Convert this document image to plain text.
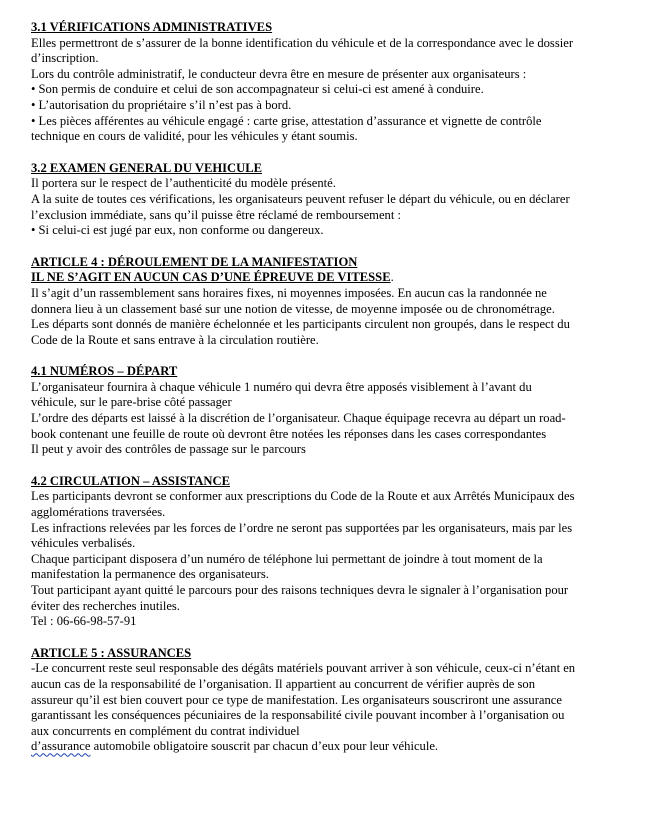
3.1 VÉRIFICATIONS ADMINISTRATIVES
Elles permettront de s’assurer de la bonne identification du véhicule et de la correspondance avec le dossier
d’inscription.
Lors du contrôle administratif, le conducteur devra être en mesure de présenter aux organisateurs :
• Son permis de conduire et celui de son accompagnateur si celui-ci est amené à conduire.
• L’autorisation du propriétaire s’il n’est pas à bord.
• Les pièces afférentes au véhicule engagé : carte grise, attestation d’assurance et vignette de contrôle
technique en cours de validité, pour les véhicules y étant soumis.
3.2 EXAMEN GENERAL DU VEHICULE
Il portera sur le respect de l’authenticité du modèle présenté.
A la suite de toutes ces vérifications, les organisateurs peuvent refuser le départ du véhicule, ou en déclarer
l’exclusion immédiate, sans qu’il puisse être réclamé de remboursement :
• Si celui-ci est jugé par eux, non conforme ou dangereux.
ARTICLE 4 : DÉROULEMENT DE LA MANIFESTATION
IL NE S’AGIT EN AUCUN CAS D’UNE ÉPREUVE DE VITESSE.
Il s’agit d’un rassemblement sans horaires fixes, ni moyennes imposées. En aucun cas la randonnée ne
donnera lieu à un classement basé sur une notion de vitesse, de moyenne imposée ou de chronométrage.
Les départs sont donnés de manière échelonnée et les participants circulent non groupés, dans le respect du
Code de la Route et sans entrave à la circulation routière.
4.1 NUMÉROS – DÉPART
L’organisateur fournira à chaque véhicule 1 numéro qui devra être apposés visiblement à l’avant du
véhicule, sur le pare-brise côté passager
L’ordre des départs est laissé à la discrétion de l’organisateur. Chaque équipage recevra au départ un road-
book contenant une feuille de route où devront être notées les réponses dans les cases correspondantes
Il peut y avoir des contrôles de passage sur le parcours
4.2 CIRCULATION – ASSISTANCE
Les participants devront se conformer aux prescriptions du Code de la Route et aux Arrêtés Municipaux des
agglomérations traversées.
Les infractions relevées par les forces de l’ordre ne seront pas supportées par les organisateurs, mais par les
véhicules verbalisés.
Chaque participant disposera d’un numéro de téléphone lui permettant de joindre à tout moment de la
manifestation la permanence des organisateurs.
Tout participant ayant quitté le parcours pour des raisons techniques devra le signaler à l’organisation pour
éviter des recherches inutiles.
Tel : 06-66-98-57-91
ARTICLE 5 : ASSURANCES
-Le concurrent reste seul responsable des dégâts matériels pouvant arriver à son véhicule, ceux-ci n’étant en
aucun cas de la responsabilité de l’organisation. Il appartient au concurrent de vérifier auprès de son
assureur qu’il est bien couvert pour ce type de manifestation. Les organisateurs souscriront une assurance
garantissant les conséquences pécuniaires de la responsabilité civile pouvant incomber à l’organisation ou
aux concurrents en complément du contrat individuel
d’assurance automobile obligatoire souscrit par chacun d’eux pour leur véhicule.
